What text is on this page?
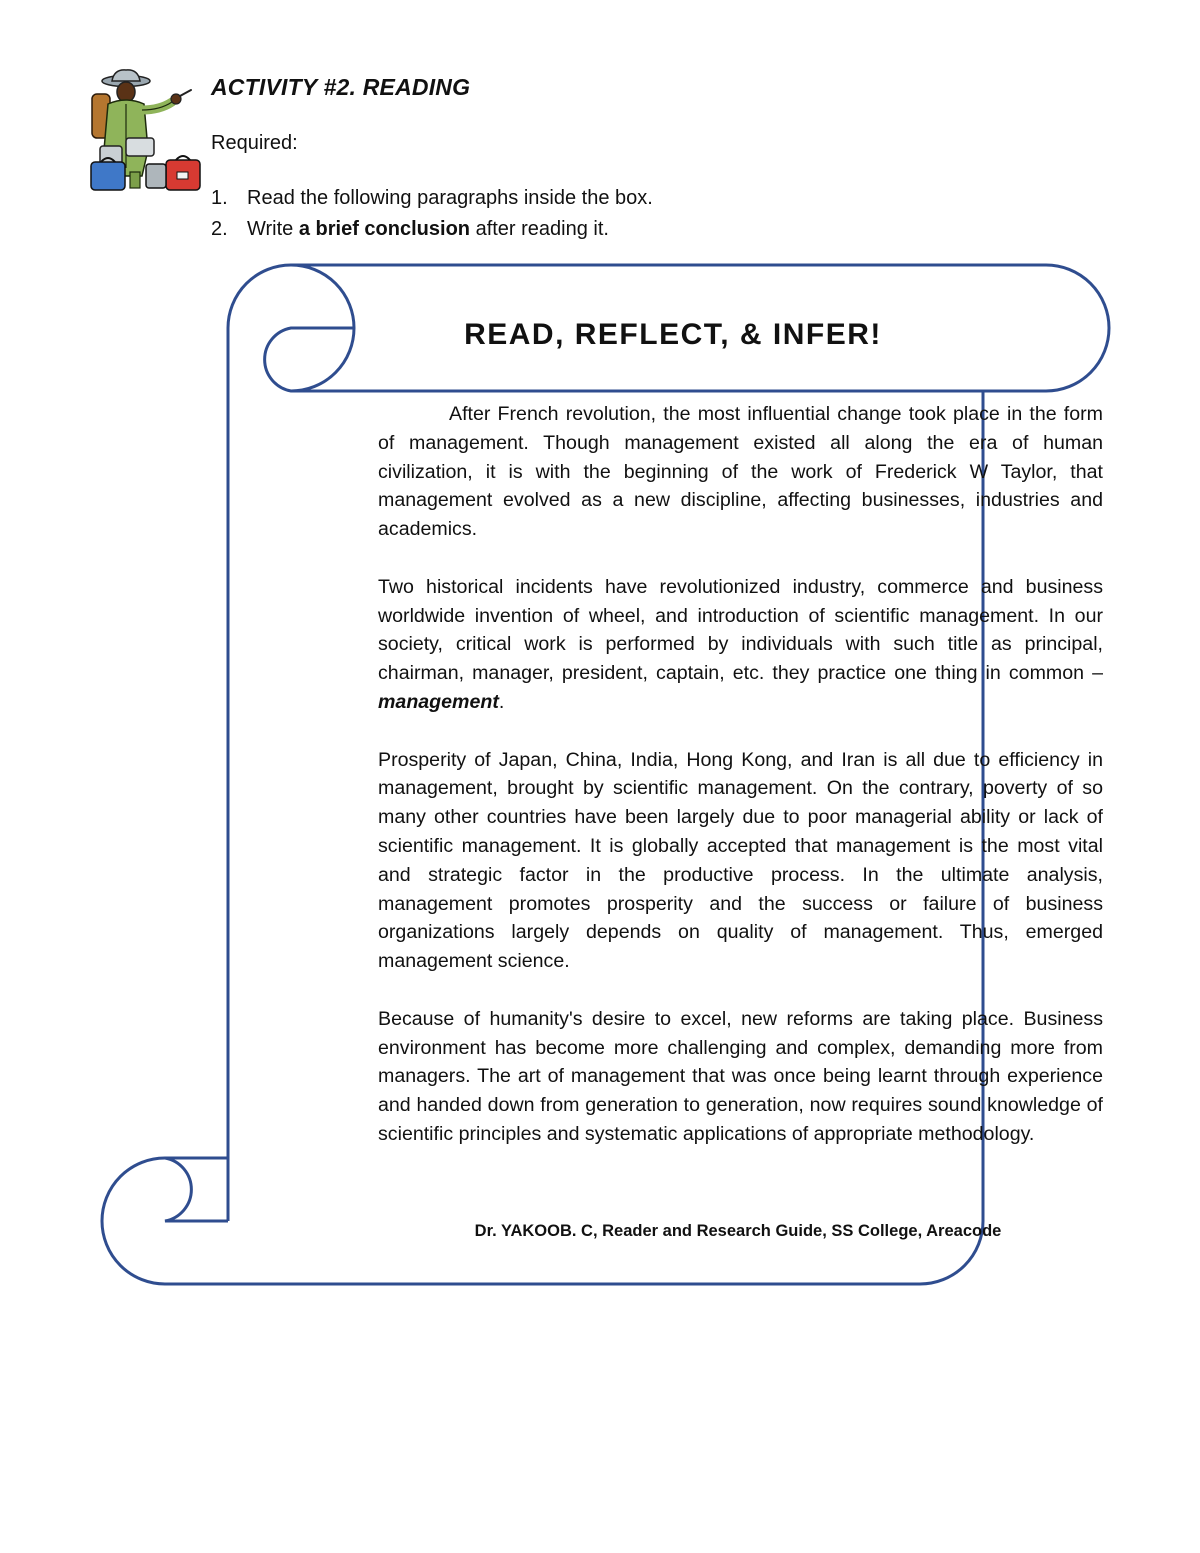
ACTIVITY #2. READING
Required:
1. Read the following paragraphs inside the box.
2. Write a brief conclusion after reading it.
READ, REFLECT, & INFER!

After French revolution, the most influential change took place in the form of management. Though management existed all along the era of human civilization, it is with the beginning of the work of Frederick W Taylor, that management evolved as a new discipline, affecting businesses, industries and academics.

Two historical incidents have revolutionized industry, commerce and business worldwide invention of wheel, and introduction of scientific management. In our society, critical work is performed by individuals with such title as principal, chairman, manager, president, captain, etc. they practice one thing in common – management.

Prosperity of Japan, China, India, Hong Kong, and Iran is all due to efficiency in management, brought by scientific management. On the contrary, poverty of so many other countries have been largely due to poor managerial ability or lack of scientific management. It is globally accepted that management is the most vital and strategic factor in the productive process. In the ultimate analysis, management promotes prosperity and the success or failure of business organizations largely depends on quality of management. Thus, emerged management science.

Because of humanity's desire to excel, new reforms are taking place. Business environment has become more challenging and complex, demanding more from managers. The art of management that was once being learnt through experience and handed down from generation to generation, now requires sound knowledge of scientific principles and systematic applications of appropriate methodology.

Dr. YAKOOB. C, Reader and Research Guide, SS College, Areacode
